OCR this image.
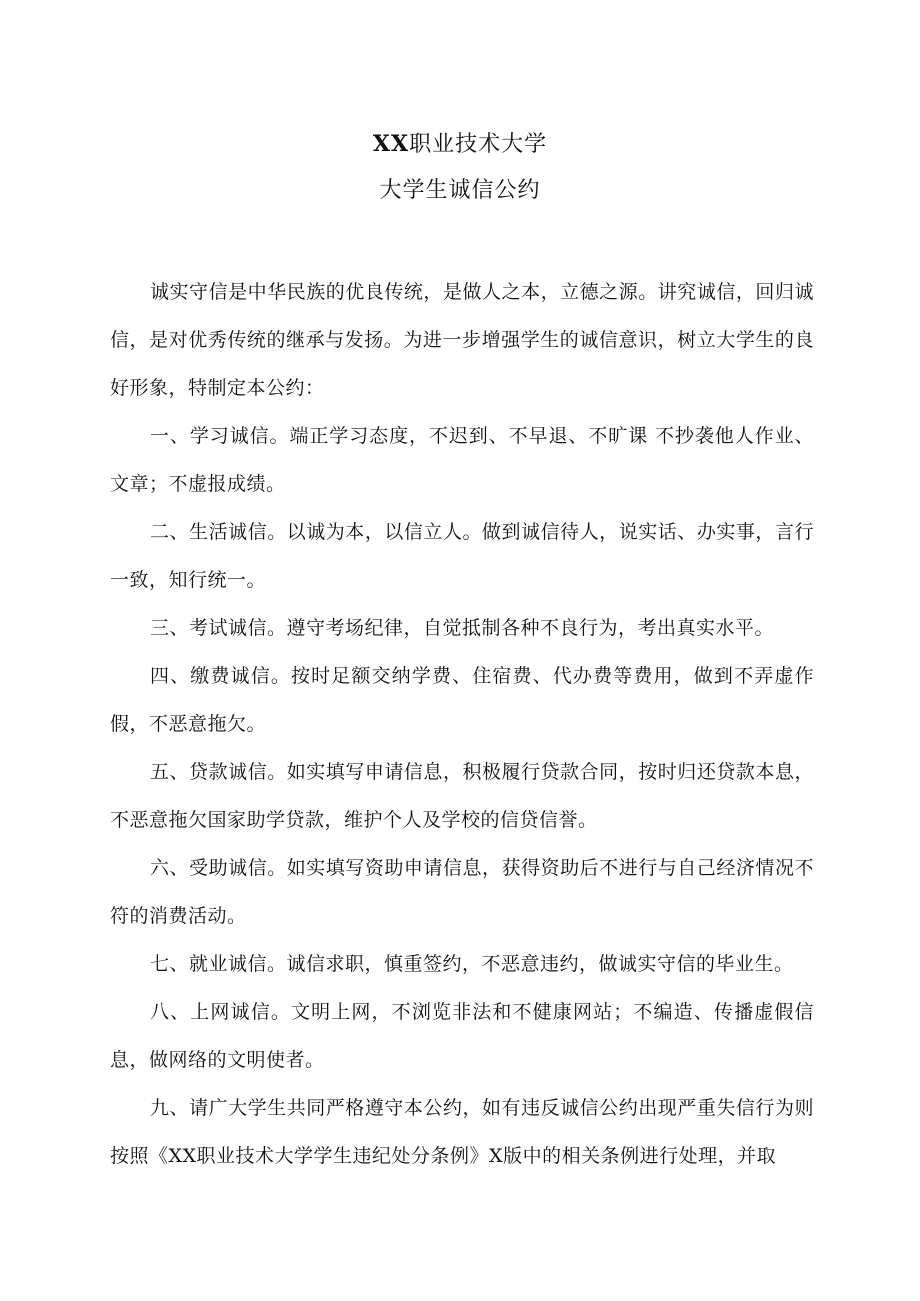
XX职业技术大学
大学生诚信公约

诚实守信是中华民族的优良传统，是做人之本，立德之源。讲究诚信，回归诚信，是对优秀传统的继承与发扬。为进一步增强学生的诚信意识，树立大学生的良好形象，特制定本公约：

一、学习诚信。端正学习态度，不迟到、不早退、不旷课 不抄袭他人作业、文章；不虚报成绩。

二、生活诚信。以诚为本，以信立人。做到诚信待人，说实话、办实事，言行一致，知行统一。

三、考试诚信。遵守考场纪律，自觉抵制各种不良行为，考出真实水平。

四、缴费诚信。按时足额交纳学费、住宿费、代办费等费用，做到不弄虚作假，不恶意拖欠。

五、贷款诚信。如实填写申请信息，积极履行贷款合同，按时归还贷款本息，不恶意拖欠国家助学贷款，维护个人及学校的信贷信誉。

六、受助诚信。如实填写资助申请信息，获得资助后不进行与自己经济情况不符的消费活动。

七、就业诚信。诚信求职，慎重签约，不恶意违约，做诚实守信的毕业生。

八、上网诚信。文明上网，不浏览非法和不健康网站；不编造、传播虚假信息，做网络的文明使者。

九、请广大学生共同严格遵守本公约，如有违反诚信公约出现严重失信行为则按照《XX职业技术大学学生违纪处分条例》X版中的相关条例进行处理，并取
